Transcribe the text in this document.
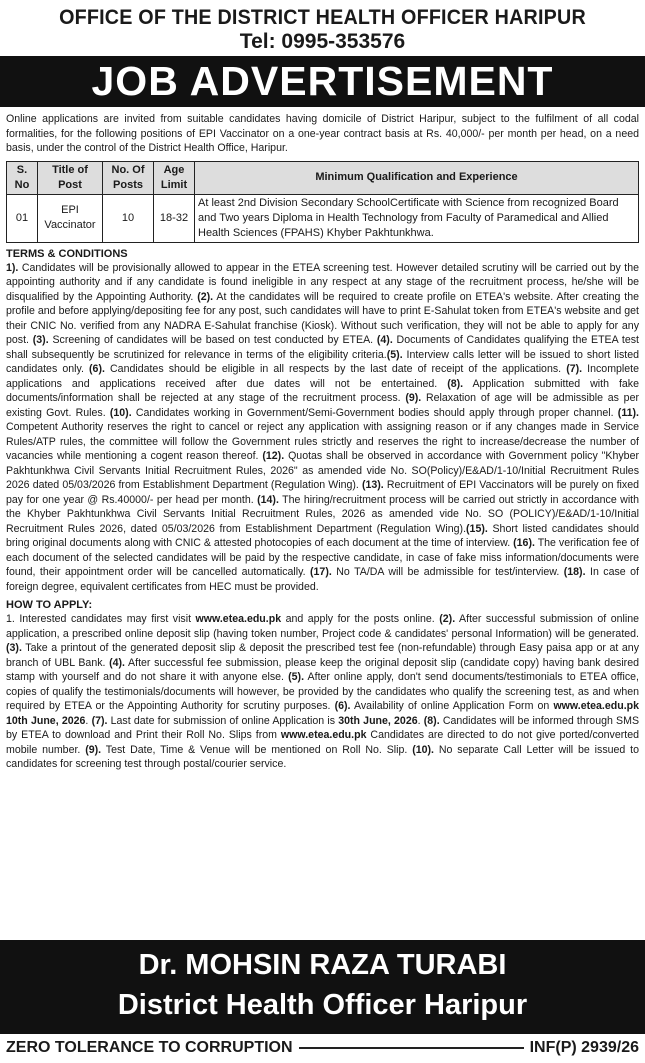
OFFICE OF THE DISTRICT HEALTH OFFICER HARIPUR
Tel: 0995-353576
JOB ADVERTISEMENT
Online applications are invited from suitable candidates having domicile of District Haripur, subject to the fulfilment of all codal formalities, for the following positions of EPI Vaccinator on a one-year contract basis at Rs. 40,000/- per month per head, on a need basis, under the control of the District Health Office, Haripur.
S. No	Title of Post	No. Of Posts	Age Limit	Minimum Qualification and Experience
01	EPI Vaccinator	10	18-32	At least 2nd Division Secondary SchoolCertificate with Science from recognized Board and Two years Diploma in Health Technology from Faculty of Paramedical and Allied Health Sciences (FPAHS) Khyber Pakhtunkhwa.
TERMS & CONDITIONS
1). Candidates will be provisionally allowed to appear in the ETEA screening test. However detailed scrutiny will be carried out by the appointing authority and if any candidate is found ineligible in any respect at any stage of the recruitment process, he/she will be disqualified by the Appointing Authority. (2). At the candidates will be required to create profile on ETEA's website. After creating the profile and before applying/depositing fee for any post, such candidates will have to print E-Sahulat token from ETEA's website and get their CNIC No. verified from any NADRA E-Sahulat franchise (Kiosk). Without such verification, they will not be able to apply for any post. (3). Screening of candidates will be based on test conducted by ETEA. (4). Documents of Candidates qualifying the ETEA test shall subsequently be scrutinized for relevance in terms of the eligibility criteria.(5). Interview calls letter will be issued to short listed candidates only. (6). Candidates should be eligible in all respects by the last date of receipt of the applications. (7). Incomplete applications and applications received after due dates will not be entertained. (8). Application submitted with fake documents/information shall be rejected at any stage of the recruitment process. (9). Relaxation of age will be admissible as per existing Govt. Rules. (10). Candidates working in Government/Semi-Government bodies should apply through proper channel. (11). Competent Authority reserves the right to cancel or reject any application with assigning reason or if any changes made in Service Rules/ATP rules, the committee will follow the Government rules strictly and reserves the right to increase/decrease the number of vacancies while mentioning a cogent reason thereof. (12). Quotas shall be observed in accordance with Government policy "Khyber Pakhtunkhwa Civil Servants Initial Recruitment Rules, 2026" as amended vide No. SO(Policy)/E&AD/1-10/Initial Recruitment Rules 2026 dated 05/03/2026 from Establishment Department (Regulation Wing). (13). Recruitment of EPI Vaccinators will be purely on fixed pay for one year @ Rs.40000/- per head per month. (14). The hiring/recruitment process will be carried out strictly in accordance with the Khyber Pakhtunkhwa Civil Servants Initial Recruitment Rules, 2026 as amended vide No. SO (POLICY)/E&AD/1-10/Initial Recruitment Rules 2026, dated 05/03/2026 from Establishment Department (Regulation Wing).(15). Short listed candidates should bring original documents along with CNIC & attested photocopies of each document at the time of interview. (16). The verification fee of each document of the selected candidates will be paid by the respective candidate, in case of fake miss information/documents were found, their appointment order will be cancelled automatically. (17). No TA/DA will be admissible for test/interview. (18). In case of foreign degree, equivalent certificates from HEC must be provided.
HOW TO APPLY:
1. Interested candidates may first visit www.etea.edu.pk and apply for the posts online. (2). After successful submission of online application, a prescribed online deposit slip (having token number, Project code & candidates' personal Information) will be generated. (3). Take a printout of the generated deposit slip & deposit the prescribed test fee (non-refundable) through Easy paisa app or at any branch of UBL Bank. (4). After successful fee submission, please keep the original deposit slip (candidate copy) having bank desired stamp with yourself and do not share it with anyone else. (5). After online apply, don't send documents/testimonials to ETEA office, copies of qualify the testimonials/documents will however, be provided by the candidates who qualify the screening test, as and when required by ETEA or the Appointing Authority for scrutiny purposes. (6). Availability of online Application Form on www.etea.edu.pk 10th June, 2026. (7). Last date for submission of online Application is 30th June, 2026. (8). Candidates will be informed through SMS by ETEA to download and Print their Roll No. Slips from www.etea.edu.pk Candidates are directed to do not give ported/converted mobile number. (9). Test Date, Time & Venue will be mentioned on Roll No. Slip. (10). No separate Call Letter will be issued to candidates for screening test through postal/courier service.
Dr. MOHSIN RAZA TURABI
District Health Officer Haripur
ZERO TOLERANCE TO CORRUPTION	INF(P) 2939/26
